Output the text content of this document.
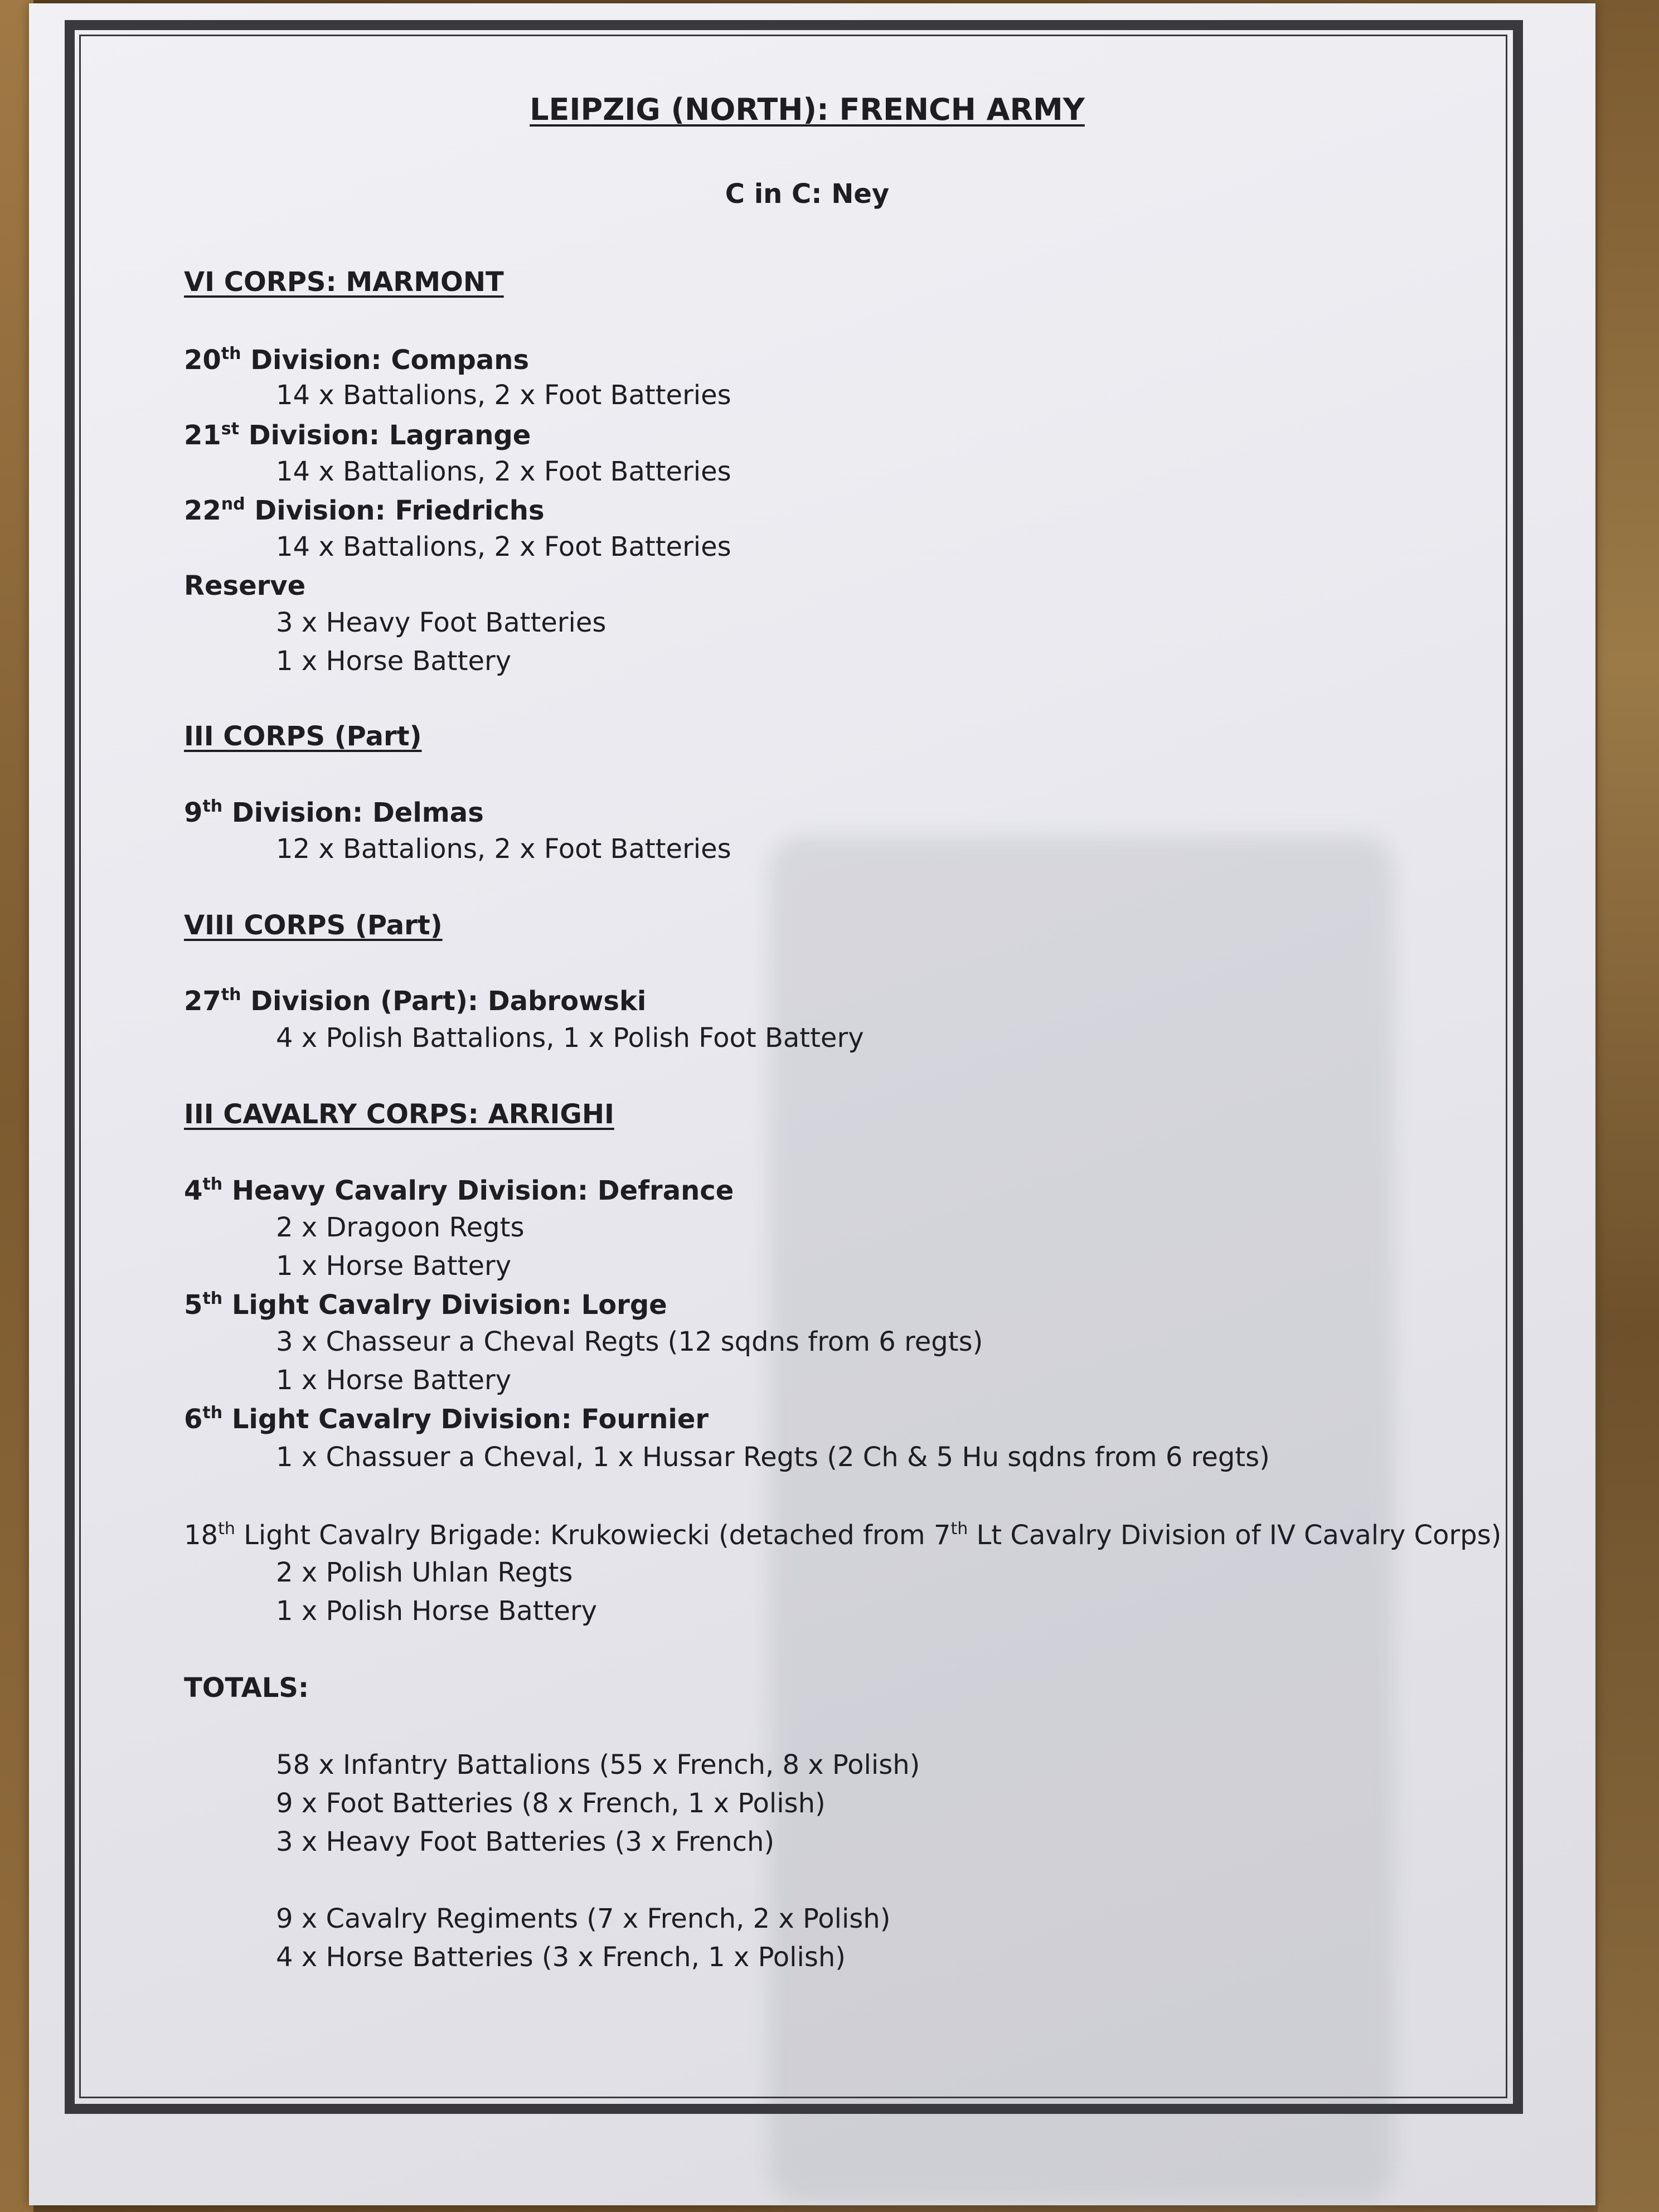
LEIPZIG (NORTH): FRENCH ARMY
C in C: Ney
VI CORPS: MARMONT
20th Division: Compans
14 x Battalions, 2 x Foot Batteries
21st Division: Lagrange
14 x Battalions, 2 x Foot Batteries
22nd Division: Friedrichs
14 x Battalions, 2 x Foot Batteries
Reserve
3 x Heavy Foot Batteries
1 x Horse Battery
III CORPS (Part)
9th Division: Delmas
12 x Battalions, 2 x Foot Batteries
VIII CORPS (Part)
27th Division (Part): Dabrowski
4 x Polish Battalions, 1 x Polish Foot Battery
III CAVALRY CORPS: ARRIGHI
4th Heavy Cavalry Division: Defrance
2 x Dragoon Regts
1 x Horse Battery
5th Light Cavalry Division: Lorge
3 x Chasseur a Cheval Regts (12 sqdns from 6 regts)
1 x Horse Battery
6th Light Cavalry Division: Fournier
1 x Chassuer a Cheval, 1 x Hussar Regts (2 Ch & 5 Hu sqdns from 6 regts)
18th Light Cavalry Brigade: Krukowiecki (detached from 7th Lt Cavalry Division of IV Cavalry Corps)
2 x Polish Uhlan Regts
1 x Polish Horse Battery
TOTALS:
58 x Infantry Battalions (55 x French, 8 x Polish)
9 x Foot Batteries (8 x French, 1 x Polish)
3 x Heavy Foot Batteries (3 x French)
9 x Cavalry Regiments (7 x French, 2 x Polish)
4 x Horse Batteries (3 x French, 1 x Polish)
